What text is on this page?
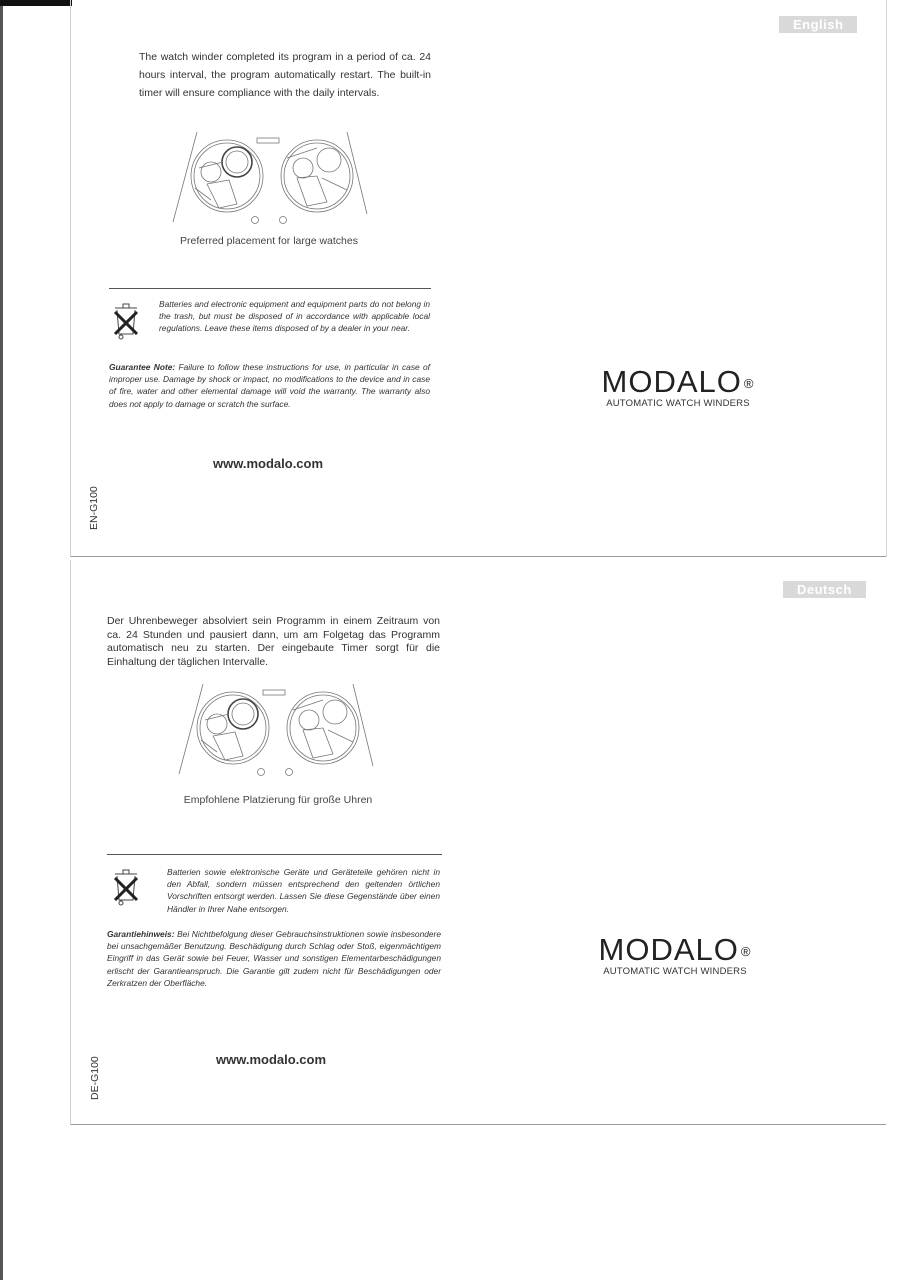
English

The watch winder completed its program in a period of ca. 24 hours interval, the program automatically restart. The built-in timer will ensure compliance with the daily intervals.

Preferred placement for large watches

Batteries and electronic equipment and equipment parts do not belong in the trash, but must be disposed of in accordance with applicable local regulations. Leave these items disposed of by a dealer in your near.

Guarantee Note: Failure to follow these instructions for use, in particular in case of improper use. Damage by shock or impact, no modifications to the device and in case of fire, water and other elemental damage will void the warranty. The warranty also does not apply to damage or scratch the surface.

www.modalo.com
MODALO ®
AUTOMATIC WATCH WINDERS
EN-G100
Deutsch

Der Uhrenbeweger absolviert sein Programm in einem Zeitraum von ca. 24 Stunden und pausiert dann, um am Folgetag das Programm automatisch neu zu starten. Der eingebaute Timer sorgt für die Einhaltung der täglichen Intervalle.

Empfohlene Platzierung für große Uhren

Batterien sowie elektronische Geräte und Geräteteile gehören nicht in den Abfall, sondern müssen entsprechend den geltenden örtlichen Vorschriften entsorgt werden. Lassen Sie diese Gegenstände über einen Händler in Ihrer Nahe entsorgen.

Garantiehinweis: Bei Nichtbefolgung dieser Gebrauchsinstruktionen sowie insbesondere bei unsachgemäßer Benutzung. Beschädigung durch Schlag oder Stoß, eigenmächtigem Eingriff in das Gerät sowie bei Feuer, Wasser und sonstigen Elementarbeschädigungen erlischt der Garantieanspruch. Die Garantie gilt zudem nicht für Beschädigungen oder Zerkratzen der Oberfläche.

www.modalo.com
MODALO ®
AUTOMATIC WATCH WINDERS
DE-G100
